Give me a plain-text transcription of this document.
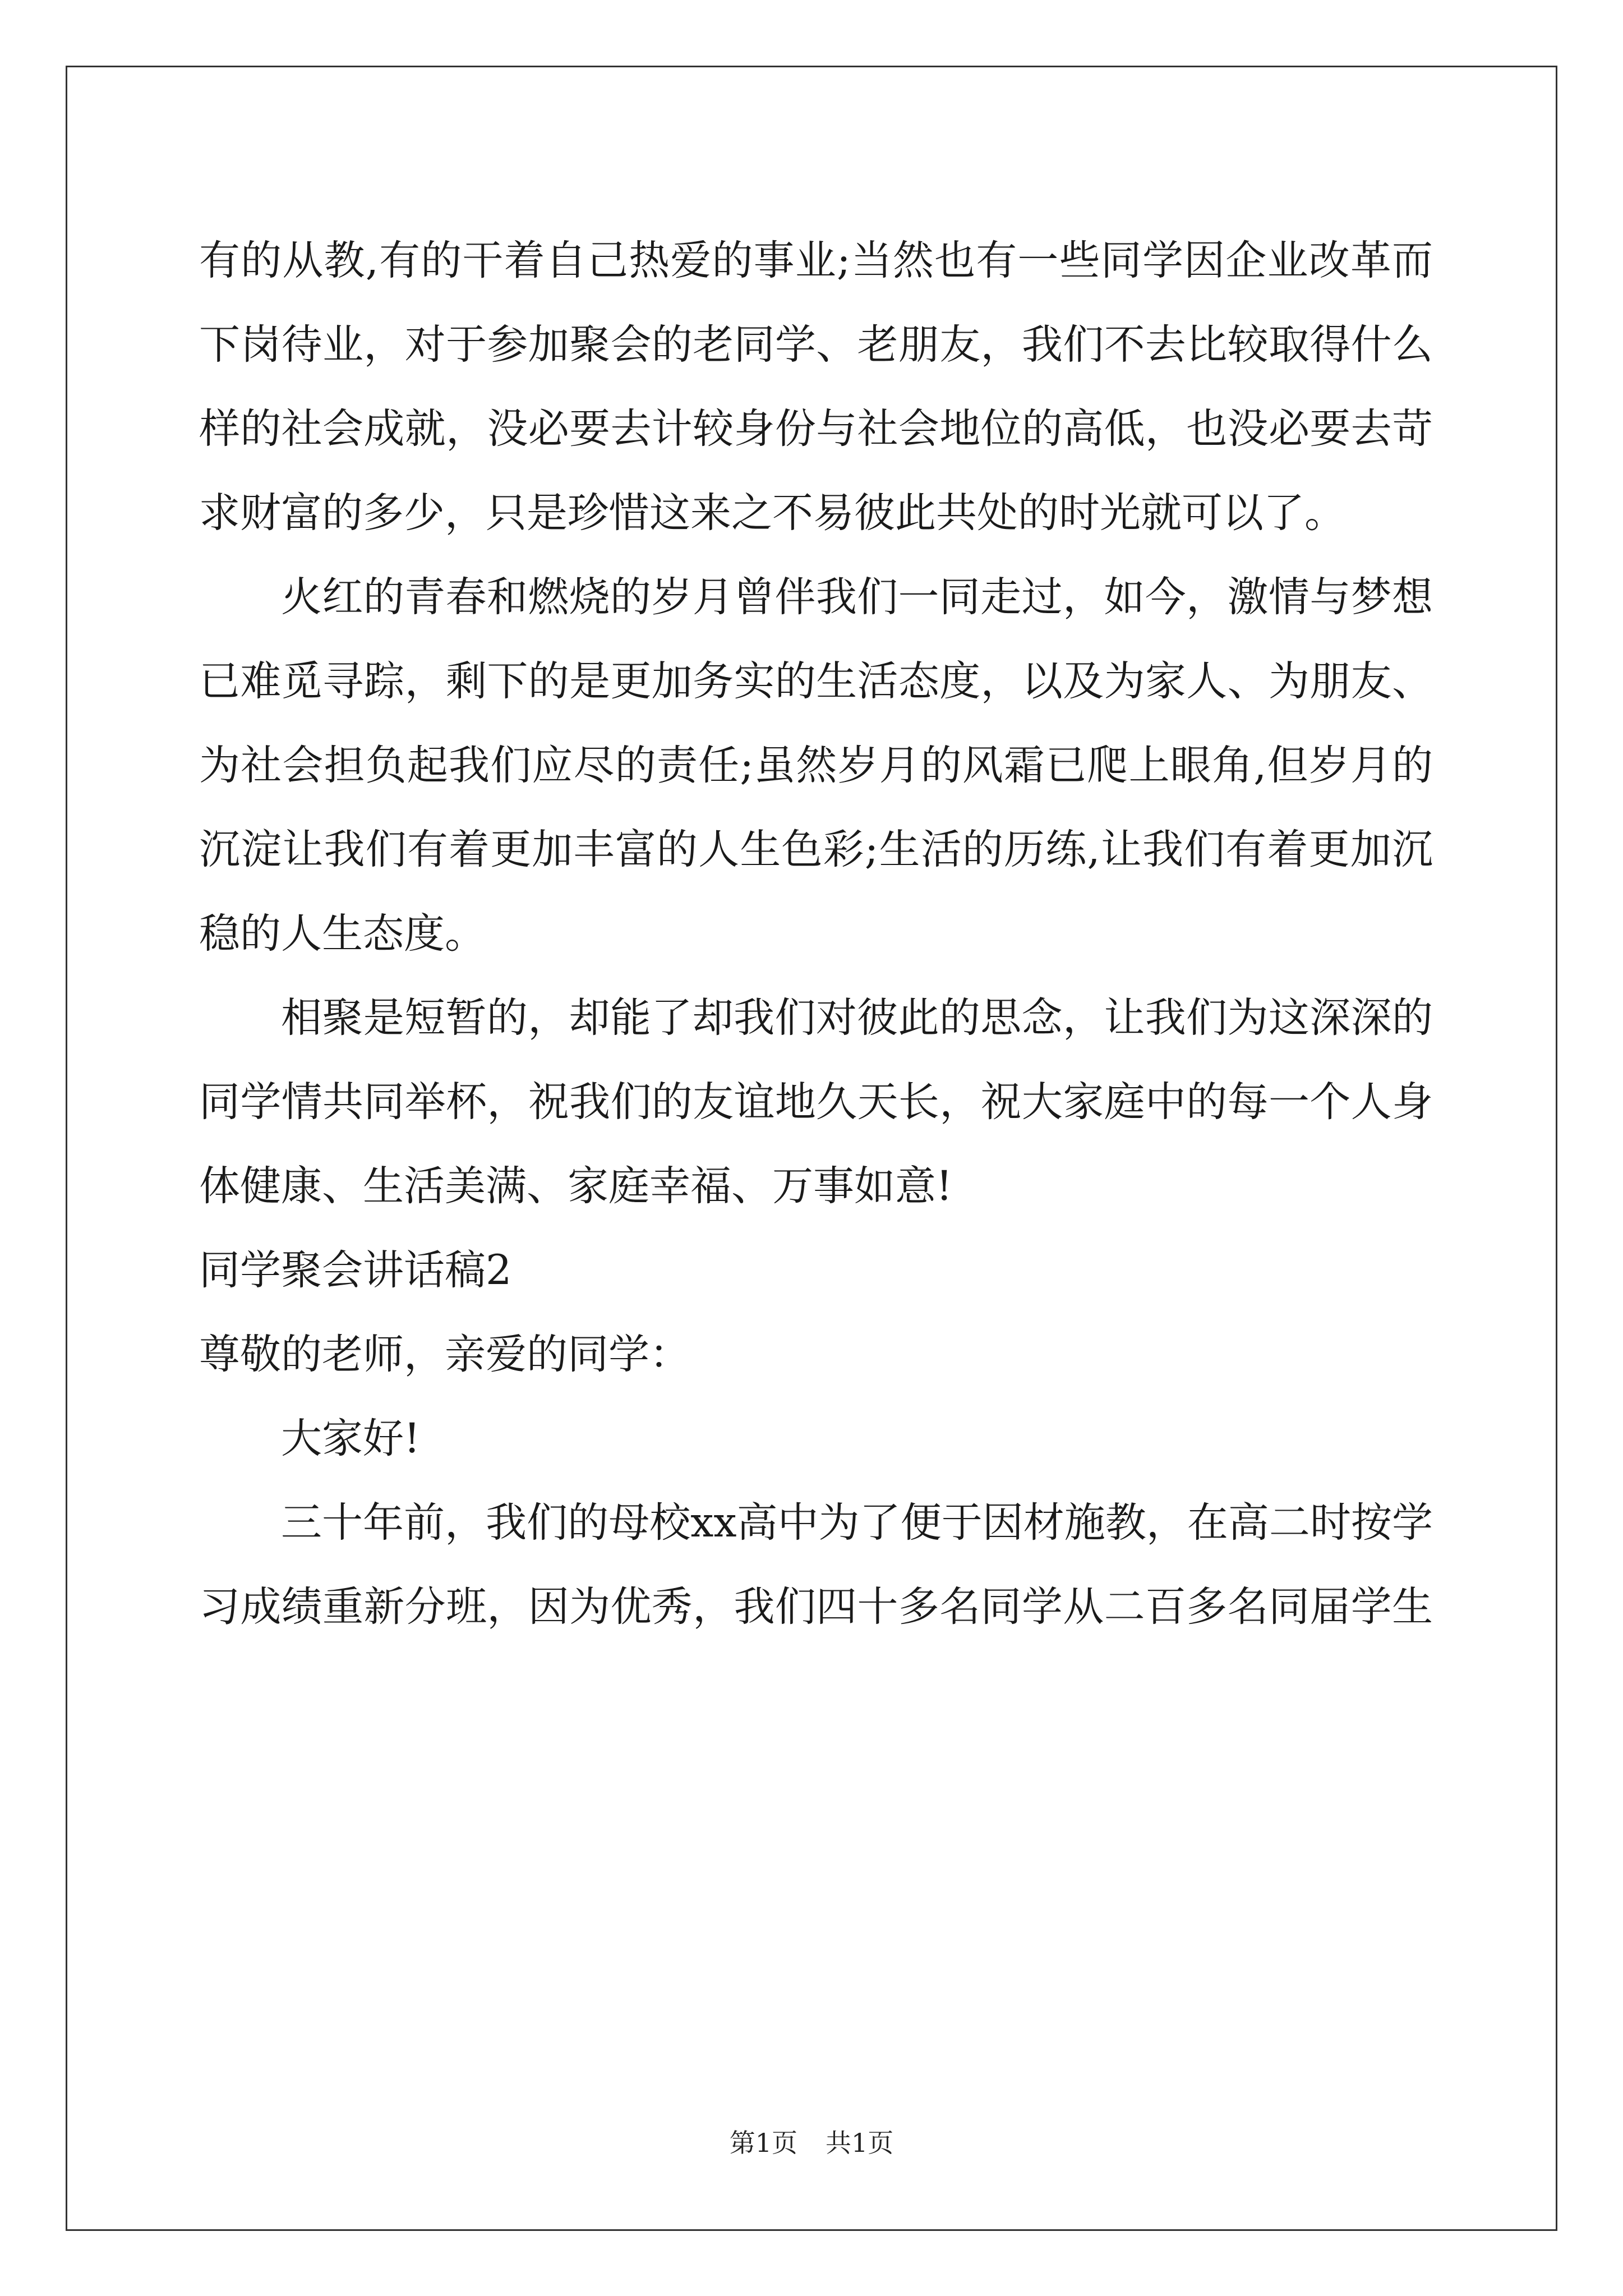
有的从教,有的干着自己热爱的事业;当然也有一些同学因企业改革而
下岗待业，对于参加聚会的老同学、老朋友，我们不去比较取得什么
样的社会成就，没必要去计较身份与社会地位的高低，也没必要去苛
求财富的多少，只是珍惜这来之不易彼此共处的时光就可以了。
火红的青春和燃烧的岁月曾伴我们一同走过，如今，激情与梦想
已难觅寻踪，剩下的是更加务实的生活态度，以及为家人、为朋友、
为社会担负起我们应尽的责任;虽然岁月的风霜已爬上眼角,但岁月的
沉淀让我们有着更加丰富的人生色彩;生活的历练,让我们有着更加沉
稳的人生态度。
相聚是短暂的，却能了却我们对彼此的思念，让我们为这深深的
同学情共同举杯，祝我们的友谊地久天长，祝大家庭中的每一个人身
体健康、生活美满、家庭幸福、万事如意!
同学聚会讲话稿2
尊敬的老师，亲爱的同学：
大家好!
三十年前，我们的母校xx高中为了便于因材施教，在高二时按学
习成绩重新分班，因为优秀，我们四十多名同学从二百多名同届学生
第1页 共1页
